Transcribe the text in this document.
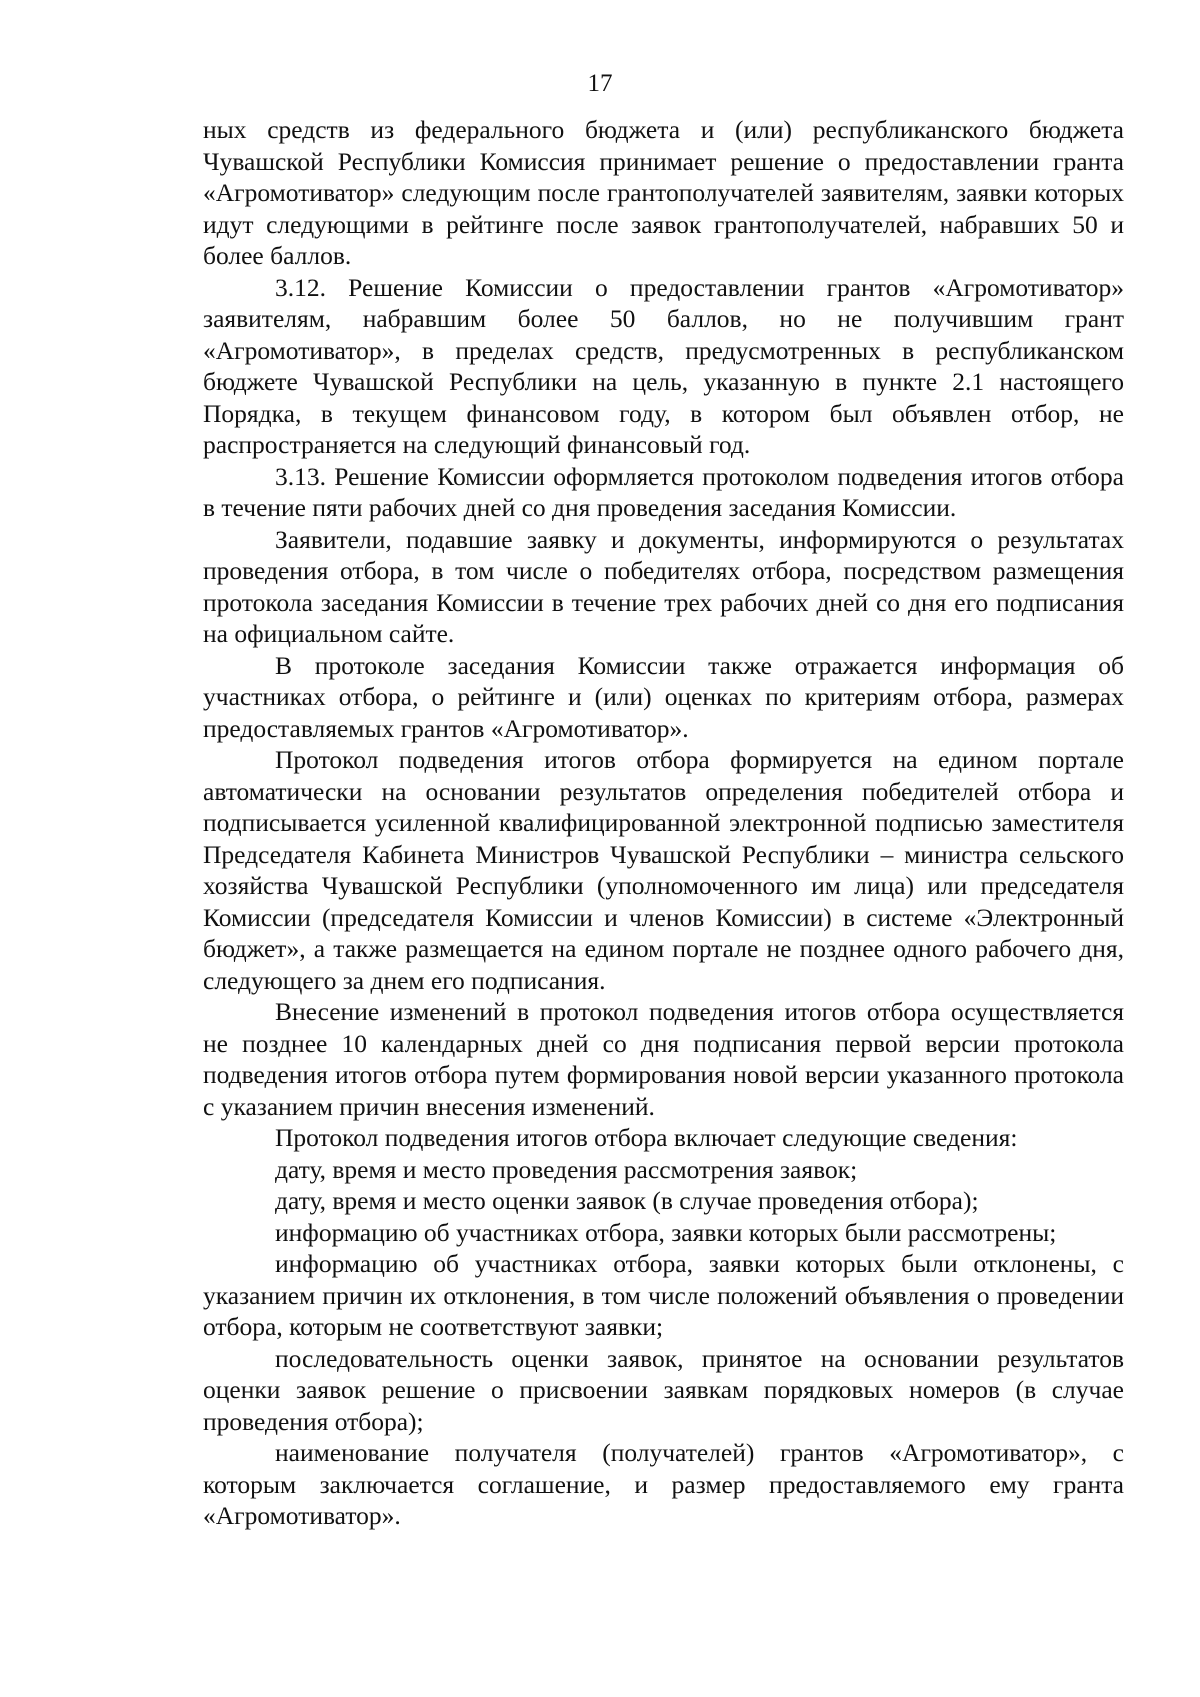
17

ных средств из федерального бюджета и (или) республиканского бюджета Чувашской Республики Комиссия принимает решение о предоставлении гранта «Агромотиватор» следующим после грантополучателей заявителям, заявки которых идут следующими в рейтинге после заявок грантополучателей, набравших 50 и более баллов.

3.12. Решение Комиссии о предоставлении грантов «Агромотиватор» заявителям, набравшим более 50 баллов, но не получившим грант «Агромотиватор», в пределах средств, предусмотренных в республиканском бюджете Чувашской Республики на цель, указанную в пункте 2.1 настоящего Порядка, в текущем финансовом году, в котором был объявлен отбор, не распространяется на следующий финансовый год.

3.13. Решение Комиссии оформляется протоколом подведения итогов отбора в течение пяти рабочих дней со дня проведения заседания Комиссии.

Заявители, подавшие заявку и документы, информируются о результатах проведения отбора, в том числе о победителях отбора, посредством размещения протокола заседания Комиссии в течение трех рабочих дней со дня его подписания на официальном сайте.

В протоколе заседания Комиссии также отражается информация об участниках отбора, о рейтинге и (или) оценках по критериям отбора, размерах предоставляемых грантов «Агромотиватор».

Протокол подведения итогов отбора формируется на едином портале автоматически на основании результатов определения победителей отбора и подписывается усиленной квалифицированной электронной подписью заместителя Председателя Кабинета Министров Чувашской Республики – министра сельского хозяйства Чувашской Республики (уполномоченного им лица) или председателя Комиссии (председателя Комиссии и членов Комиссии) в системе «Электронный бюджет», а также размещается на едином портале не позднее одного рабочего дня, следующего за днем его подписания.

Внесение изменений в протокол подведения итогов отбора осуществляется не позднее 10 календарных дней со дня подписания первой версии протокола подведения итогов отбора путем формирования новой версии указанного протокола с указанием причин внесения изменений.

Протокол подведения итогов отбора включает следующие сведения:

дату, время и место проведения рассмотрения заявок;

дату, время и место оценки заявок (в случае проведения отбора);

информацию об участниках отбора, заявки которых были рассмотрены;

информацию об участниках отбора, заявки которых были отклонены, с указанием причин их отклонения, в том числе положений объявления о проведении отбора, которым не соответствуют заявки;

последовательность оценки заявок, принятое на основании результатов оценки заявок решение о присвоении заявкам порядковых номеров (в случае проведения отбора);

наименование получателя (получателей) грантов «Агромотиватор», с которым заключается соглашение, и размер предоставляемого ему гранта «Агромотиватор».
